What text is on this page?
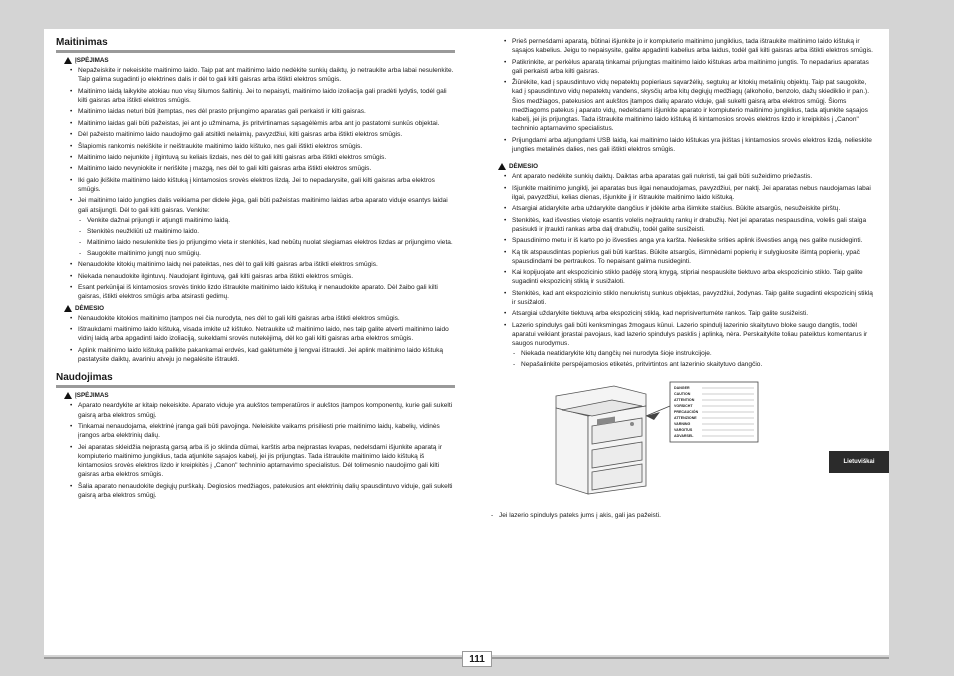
Maitinimas
ĮSPĖJIMAS
• Nepažeiskite ir nekeiskite maitinimo laido. Taip pat ant maitinimo laido nedėkite sunkių daiktų, jo netraukite arba labai nesulenkite. Taip galima sugadinti jo elektrines dalis ir dėl to gali kilti gaisras arba ištikti elektros smūgis.
• Maitinimo laidą laikykite atokiau nuo visų šilumos šaltinių. Jei to nepaisyti, maitinimo laido izoliacija gali pradėti lydytis, todėl gali kilti gaisras arba ištikti elektros smūgis.
• Maitinimo laidas neturi būti įtemptas, nes dėl prasto prijungimo aparatas gali perkaisti ir kilti gaisras.
• Maitinimo laidas gali būti pažeistas, jei ant jo užminama, jis pritvirtinamas sąsagėlėmis arba ant jo pastatomi sunkūs objektai.
• Dėl pažeisto maitinimo laido naudojimo gali atsitikti nelaimių, pavyzdžiui, kilti gaisras arba ištikti elektros smūgis.
• Šlapiomis rankomis nekiškite ir neištraukite maitinimo laido kištuko, nes gali ištikti elektros smūgis.
• Maitinimo laido nejunkite į ilgintuvą su keliais lizdais, nes dėl to gali kilti gaisras arba ištikti elektros smūgis.
• Maitinimo laido nevyniokite ir neriškite į mazgą, nes dėl to gali kilti gaisras arba ištikti elektros smūgis.
• Iki galo įkiškite maitinimo laido kištuką į kintamosios srovės elektros lizdą. Jei to nepadarysite, gali kilti gaisras arba elektros smūgis.
• Jei maitinimo laido jungties dalis veikiama per didele jėga, gali būti pažeistas maitinimo laidas arba aparato viduje esantys laidai gali atsijungti. Dėl to gali kilti gaisras. Venkite:
- Venkite dažnai prijungti ir atjungti maitinimo laidą.
- Stenkitės neužkliūti už maitinimo laido.
- Maitinimo laido nesulenkite ties jo prijungimo vieta ir stenkitės, kad nebūtų nuolat slegiamas elektros lizdas ar prijungimo vieta.
- Saugokite maitinimo jungtį nuo smūgių.
• Nenaudokite kitokių maitinimo laidų nei pateiktas, nes dėl to gali kilti gaisras arba ištikti elektros smūgis.
• Niekada nenaudokite ilgintuvų. Naudojant ilgintuvą, gali kilti gaisras arba ištikti elektros smūgis.
• Esant perkūnijai iš kintamosios srovės tinklo lizdo ištraukite maitinimo laido kištuką ir nenaudokite aparato. Dėl žaibo gali kilti gaisras, ištikti elektros smūgis arba atsirasti gedimų.
DĖMESIO
• Nenaudokite kitokios maitinimo įtampos nei čia nurodyta, nes dėl to gali kilti gaisras arba ištikti elektros smūgis.
• Ištraukdami maitinimo laido kištuką, visada imkite už kištuko. Netraukite už maitinimo laido, nes taip galite atverti maitinimo laido vidinį laidą arba apgadinti laido izoliaciją, sukeldami srovės nutekėjimą, dėl ko gali kilti gaisras arba elektros smūgis.
• Aplink maitinimo laido kištuką palikite pakankamai erdvės, kad galėtumėte jį lengvai ištraukti. Jei aplink maitinimo laido kištuką pastatysite daiktų, avariniu atveju jo negalėsite ištraukti.
Naudojimas
ĮSPĖJIMAS
• Aparato neardykite ar kitaip nekeiskite. Aparato viduje yra aukštos temperatūros ir aukštos įtampos komponentų, kurie gali sukelti gaisrą arba elektros smūgį.
• Tinkamai nenaudojama, elektrinė įranga gali būti pavojinga. Neleiskite vaikams prisiliesti prie maitinimo laidų, kabelių, vidinės įrangos arba elektrinių dalių.
• Jei aparatas skleidžia neįprastą garsą arba iš jo sklinda dūmai, karštis arba neįprastas kvapas, nedelsdami išjunkite aparatą ir kompiuterio maitinimo jungiklius, tada atjunkite sąsajos kabelį, jei jis prijungtas. Tada ištraukite maitinimo laido kištuką iš kintamosios srovės elektros lizdo ir kreipkitės į „Canon" techninio aptarnavimo specialistus. Dėl tolimesnio naudojimo gali kilti gaisras arba elektros smūgis.
• Šalia aparato nenaudokite degiųjų purškalų. Degiosios medžiagos, patekusios ant elektrinių dalių spausdintuvo viduje, gali sukelti gaisrą arba elektros smūgį.
• Prieš perneśdami aparatą, būtinai išjunkite jo ir kompiuterio maitinimo jungiklius, tada ištraukite maitinimo laido kištuką ir sąsajos kabelius. Jeigu to nepaisysite, galite apgadinti kabelius arba laidus, todėl gali kilti gaisras arba ištikti elektros smūgis.
• Patikrinkite, ar perkėlus aparatą tinkamai prijungtas maitinimo laido kištukas arba maitinimo jungtis. To nepadarius aparatas gali perkaisti arba kilti gaisras.
• Žiūrėkite, kad į spausdintuvo vidų nepatektų popieriaus sąvaržėlių, segtukų ar kitokių metalinių objektų. Taip pat saugokite, kad į spausdintuvo vidų nepatektų vandens, skysčių arba kitų degiųjų medžiagų (alkoholio, benzolo, dažų skiediklio ir pan.). Šios medžiagos, patekusios ant aukštos įtampos dalių aparato viduje, gali sukelti gaisrą arba elektros smūgį. Šioms medžiagoms patekus į aparato vidų, nedelsdami išjunkite aparato ir kompiuterio maitinimo jungiklius, tada atjunkite sąsajos kabelį, jei jis prijungtas. Tada ištraukite maitinimo laido kištuką iš kintamosios srovės elektros lizdo ir kreipkitės į „Canon" techninio aptarnavimo specialistus.
• Prijungdami arba atjungdami USB laidą, kai maitinimo laido kištukas yra įkištas į kintamosios srovės elektros lizdą, nelieskite jungties metalinės dalies, nes gali ištikti elektros smūgis.
DĖMESIO
• Ant aparato nedėkite sunkių daiktų. Daiktas arba aparatas gali nukristi, tai gali būti sužeidimo priežastis.
• Išjunkite maitinimo jungiklį, jei aparatas bus ilgai nenaudojamas, pavyzdžiui, per naktį. Jei aparatas nebus naudojamas labai ilgai, pavyzdžiui, kelias dienas, išjunkite jį ir ištraukite maitinimo laido kištuką.
• Atsargiai atidarykite arba uždarykite dangčius ir įdėkite arba išimkite stalčius. Būkite atsargūs, nesužeiskite pirštų.
• Stenkitės, kad išvesties vietoje esantis volelis neįtrauktų rankų ir drabužių. Net jei aparatas nespausdina, volelis gali staiga pasisukti ir įtraukti rankas arba dalį drabužių, todėl galite susižeisti.
• Spausdinimo metu ir iš karto po jo išvesties anga yra karšta. Nelieskite srities aplink išvesties angą nes galite nusideginti.
• Ką tik atspausdintas popierius gali būti karštas. Būkite atsargūs, išimnėdami popierių ir sulygiuosite išimtą popierių, ypač spausdindami be pertraukos. To nepaisant galima nusideginti.
• Kai kopijuojate ant ekspozicinio stiklo padėję storą knygą, stipriai nespauskite tiektuvo arba ekspozicinio stiklo. Taip galite sugadinti ekspozicinį stiklą ir susižaloti.
• Stenkitės, kad ant ekspozicinio stiklo nenukristų sunkus objektas, pavyzdžiui, žodynas. Taip galite sugadinti ekspozicinį stiklą ir susižaloti.
• Atsargiai uždarykite tiektuvą arba ekspozicinį stiklą, kad neprisivertumėte rankos. Taip galite susižeisti.
• Lazerio spindulys gali būti kenksmingas žmogaus kūnui. Lazerio spindulį lazerinio skaitytuvo bloke saugo dangtis, todėl aparatui veikiant įprastai pavojaus, kad lazerio spindulys pasklis į aplinką, nėra. Perskaitykite toliau pateiktus komentarus ir saugos nurodymus.
- Niekada neatidarykite kitų dangčių nei nurodyta šioje instrukcijoje.
- Nepašalinkite perspėjamosios etiketės, pritvirtintos ant lazerinio skaitytuvo dangčio.
DANGER
CAUTION
ATTENTION
VORSICHT
PRECAUCIÓN
ATTENZIONE
VARNING
VAROITUS
ADVARSEL
- Jei lazerio spindulys pateks jums į akis, gali jas pažeisti.
Lietuviškai
111
